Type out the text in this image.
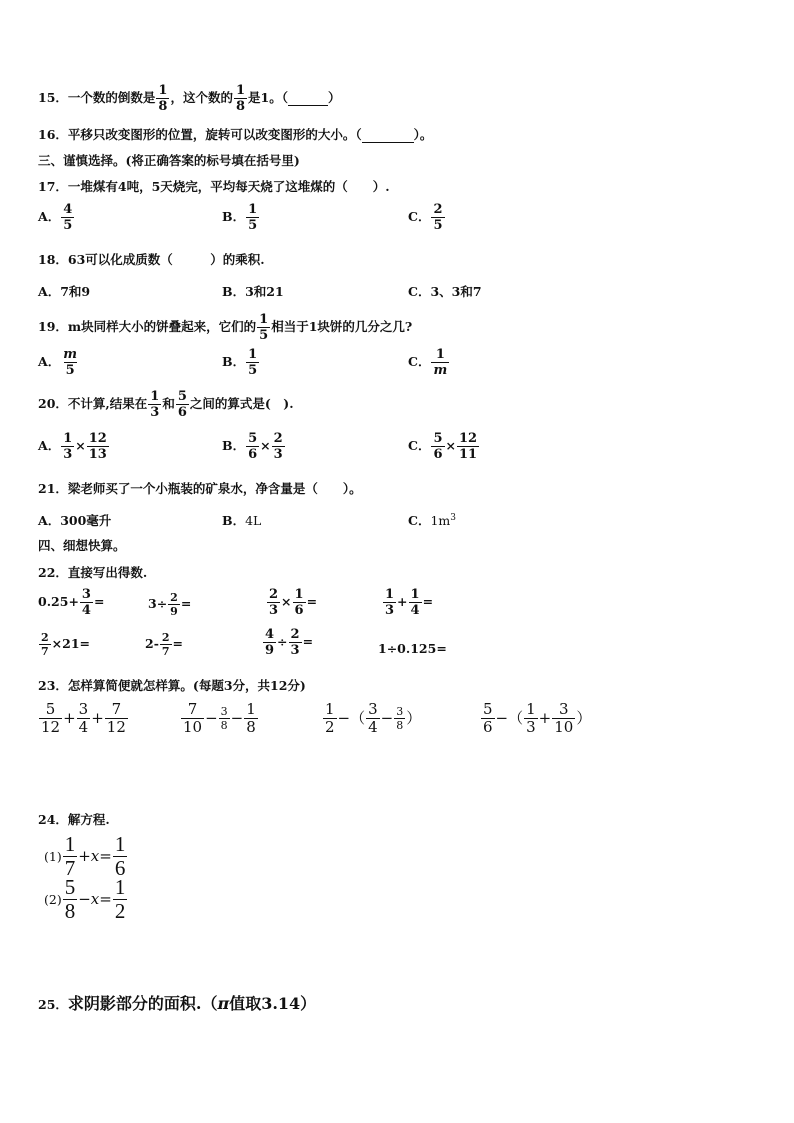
15．一个数的倒数是 $\frac{1}{8}$ ，这个数的 $\frac{1}{8}$ 是1。（	）
16．平移只改变图形的位置，旋转可以改变图形的大小。（	）。
三、谨慎选择。(将正确答案的标号填在括号里)
17．一堆煤有4吨，5天烧完，平均每天烧了这堆煤的（　　）.
A． $\frac{4}{5}$	B． $\frac{1}{5}$	C． $\frac{2}{5}$
18．63可以化成质数（　　　）的乘积.
A．7和9	B．3和21	C．3、3和7
19．m块同样大小的饼叠起来，它们的 $\frac{1}{5}$ 相当于1块饼的几分之几?
A． $\frac{m}{5}$	B． $\frac{1}{5}$	C． $\frac{1}{m}$
20．不计算,结果在 $\frac{1}{3}$ 和 $\frac{5}{6}$ 之间的算式是(　).
A． $\frac{1}{3} \times \frac{12}{13}$	B． $\frac{5}{6} \times \frac{2}{3}$	C． $\frac{5}{6} \times \frac{12}{11}$
21．梁老师买了一个小瓶装的矿泉水，净含量是（　　）。
A．300毫升	B．4L	C．$1m^3$
四、细想快算。
22．直接写出得数.
$0.25+ \frac{3}{4}$ =	$3\div \frac{2}{9}$ =	$\frac{2}{3} \times \frac{1}{6}$ =	$\frac{1}{3} + \frac{1}{4}$ =
$\frac{2}{7} \times 21=$	$2- \frac{2}{7}$ =	$\frac{4}{9} \div \frac{2}{3}$ =	1÷0.125=
23．怎样算简便就怎样算。(每题3分，共12分)
$\frac{5}{12} + \frac{3}{4} + \frac{7}{12}$	$\frac{7}{10} - \frac{3}{8} - \frac{1}{8}$	$\frac{1}{2}$ −（ $\frac{3}{4} - \frac{3}{8}$ ）	$\frac{5}{6}$ −（ $\frac{1}{3} + \frac{3}{10}$ ）
24．解方程.
$(1) \frac{1}{7} +x= \frac{1}{6}$
$(2) \frac{5}{8} -x= \frac{1}{2}$
25．求阴影部分的面积.（π值取3.14）
